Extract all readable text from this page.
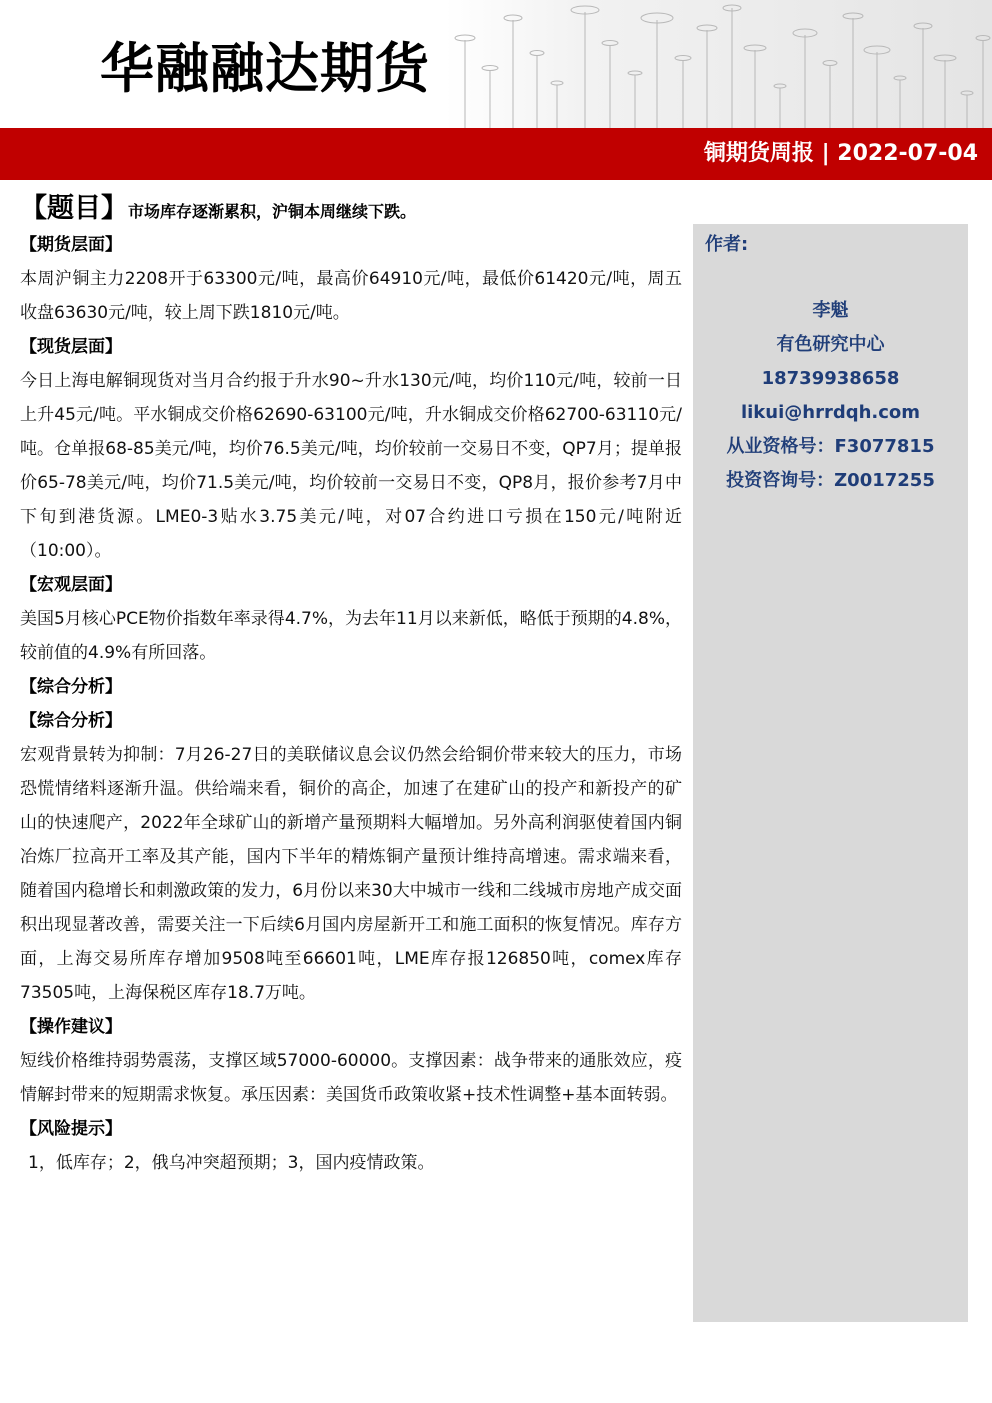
华融融达期货
铜期货周报 | 2022-07-04
作者:
李魁
有色研究中心
18739938658
likui@hrrdqh.com
从业资格号：F3077815
投资咨询号：Z0017255
【题目】市场库存逐渐累积，沪铜本周继续下跌。
【期货层面】

本周沪铜主力2208开于63300元/吨，最高价64910元/吨，最低价61420元/吨，周五收盘63630元/吨，较上周下跌1810元/吨。

【现货层面】

今日上海电解铜现货对当月合约报于升水90~升水130元/吨，均价110元/吨，较前一日上升45元/吨。平水铜成交价格62690-63100元/吨，升水铜成交价格62700-63110元/吨。仓单报68-85美元/吨，均价76.5美元/吨，均价较前一交易日不变，QP7月；提单报价65-78美元/吨，均价71.5美元/吨，均价较前一交易日不变，QP8月，报价参考7月中下旬到港货源。LME0-3贴水3.75美元/吨，对07合约进口亏损在150元/吨附近（10:00）。

【宏观层面】

美国5月核心PCE物价指数年率录得4.7%，为去年11月以来新低，略低于预期的4.8%，较前值的4.9%有所回落。

【综合分析】
【综合分析】

宏观背景转为抑制：7月26-27日的美联储议息会议仍然会给铜价带来较大的压力，市场恐慌情绪料逐渐升温。供给端来看，铜价的高企，加速了在建矿山的投产和新投产的矿山的快速爬产，2022年全球矿山的新增产量预期料大幅增加。另外高利润驱使着国内铜冶炼厂拉高开工率及其产能，国内下半年的精炼铜产量预计维持高增速。需求端来看，随着国内稳增长和刺激政策的发力，6月份以来30大中城市一线和二线城市房地产成交面积出现显著改善，需要关注一下后续6月国内房屋新开工和施工面积的恢复情况。库存方面，上海交易所库存增加9508吨至66601吨，LME库存报126850吨，comex库存73505吨，上海保税区库存18.7万吨。

【操作建议】

短线价格维持弱势震荡，支撑区域57000-60000。支撑因素：战争带来的通胀效应，疫情解封带来的短期需求恢复。承压因素：美国货币政策收紧+技术性调整+基本面转弱。

【风险提示】

1，低库存；2，俄乌冲突超预期；3，国内疫情政策。
